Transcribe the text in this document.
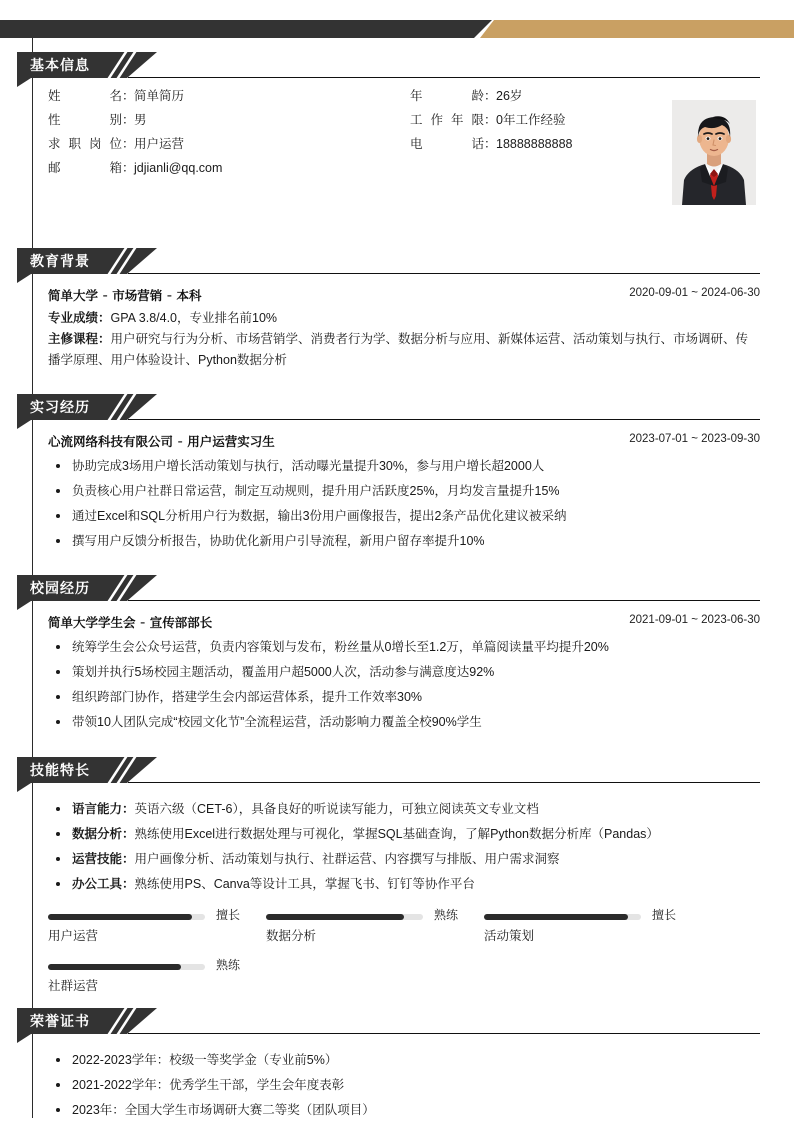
基本信息
姓名：简单简历
性别：男
求职岗位：用户运营
邮箱：jdjianli@qq.com
年龄：26岁
工作年限：0年工作经验
电话：18888888888
教育背景
简单大学 - 市场营销 - 本科	2020-09-01 ~ 2024-06-30
专业成绩：GPA 3.8/4.0，专业排名前10%
主修课程：用户研究与行为分析、市场营销学、消费者行为学、数据分析与应用、新媒体运营、活动策划与执行、市场调研、传播学原理、用户体验设计、Python数据分析
实习经历
心流网络科技有限公司 - 用户运营实习生	2023-07-01 ~ 2023-09-30
协助完成3场用户增长活动策划与执行，活动曝光量提升30%，参与用户增长超2000人
负责核心用户社群日常运营，制定互动规则，提升用户活跃度25%，月均发言量提升15%
通过Excel和SQL分析用户行为数据，输出3份用户画像报告，提出2条产品优化建议被采纳
撰写用户反馈分析报告，协助优化新用户引导流程，新用户留存率提升10%
校园经历
简单大学学生会 - 宣传部部长	2021-09-01 ~ 2023-06-30
统筹学生会公众号运营，负责内容策划与发布，粉丝量从0增长至1.2万，单篇阅读量平均提升20%
策划并执行5场校园主题活动，覆盖用户超5000人次，活动参与满意度达92%
组织跨部门协作，搭建学生会内部运营体系，提升工作效率30%
带领10人团队完成“校园文化节”全流程运营，活动影响力覆盖全校90%学生
技能特长
语言能力：英语六级（CET-6），具备良好的听说读写能力，可独立阅读英文专业文档
数据分析：熟练使用Excel进行数据处理与可视化，掌握SQL基础查询，了解Python数据分析库（Pandas）
运营技能：用户画像分析、活动策划与执行、社群运营、内容撰写与排版、用户需求洞察
办公工具：熟练使用PS、Canva等设计工具，掌握飞书、钉钉等协作平台
擅长
用户运营
熟练
数据分析
擅长
活动策划
熟练
社群运营
荣誉证书
2022-2023学年：校级一等奖学金（专业前5%）
2021-2022学年：优秀学生干部，学生会年度表彰
2023年：全国大学生市场调研大赛二等奖（团队项目）
